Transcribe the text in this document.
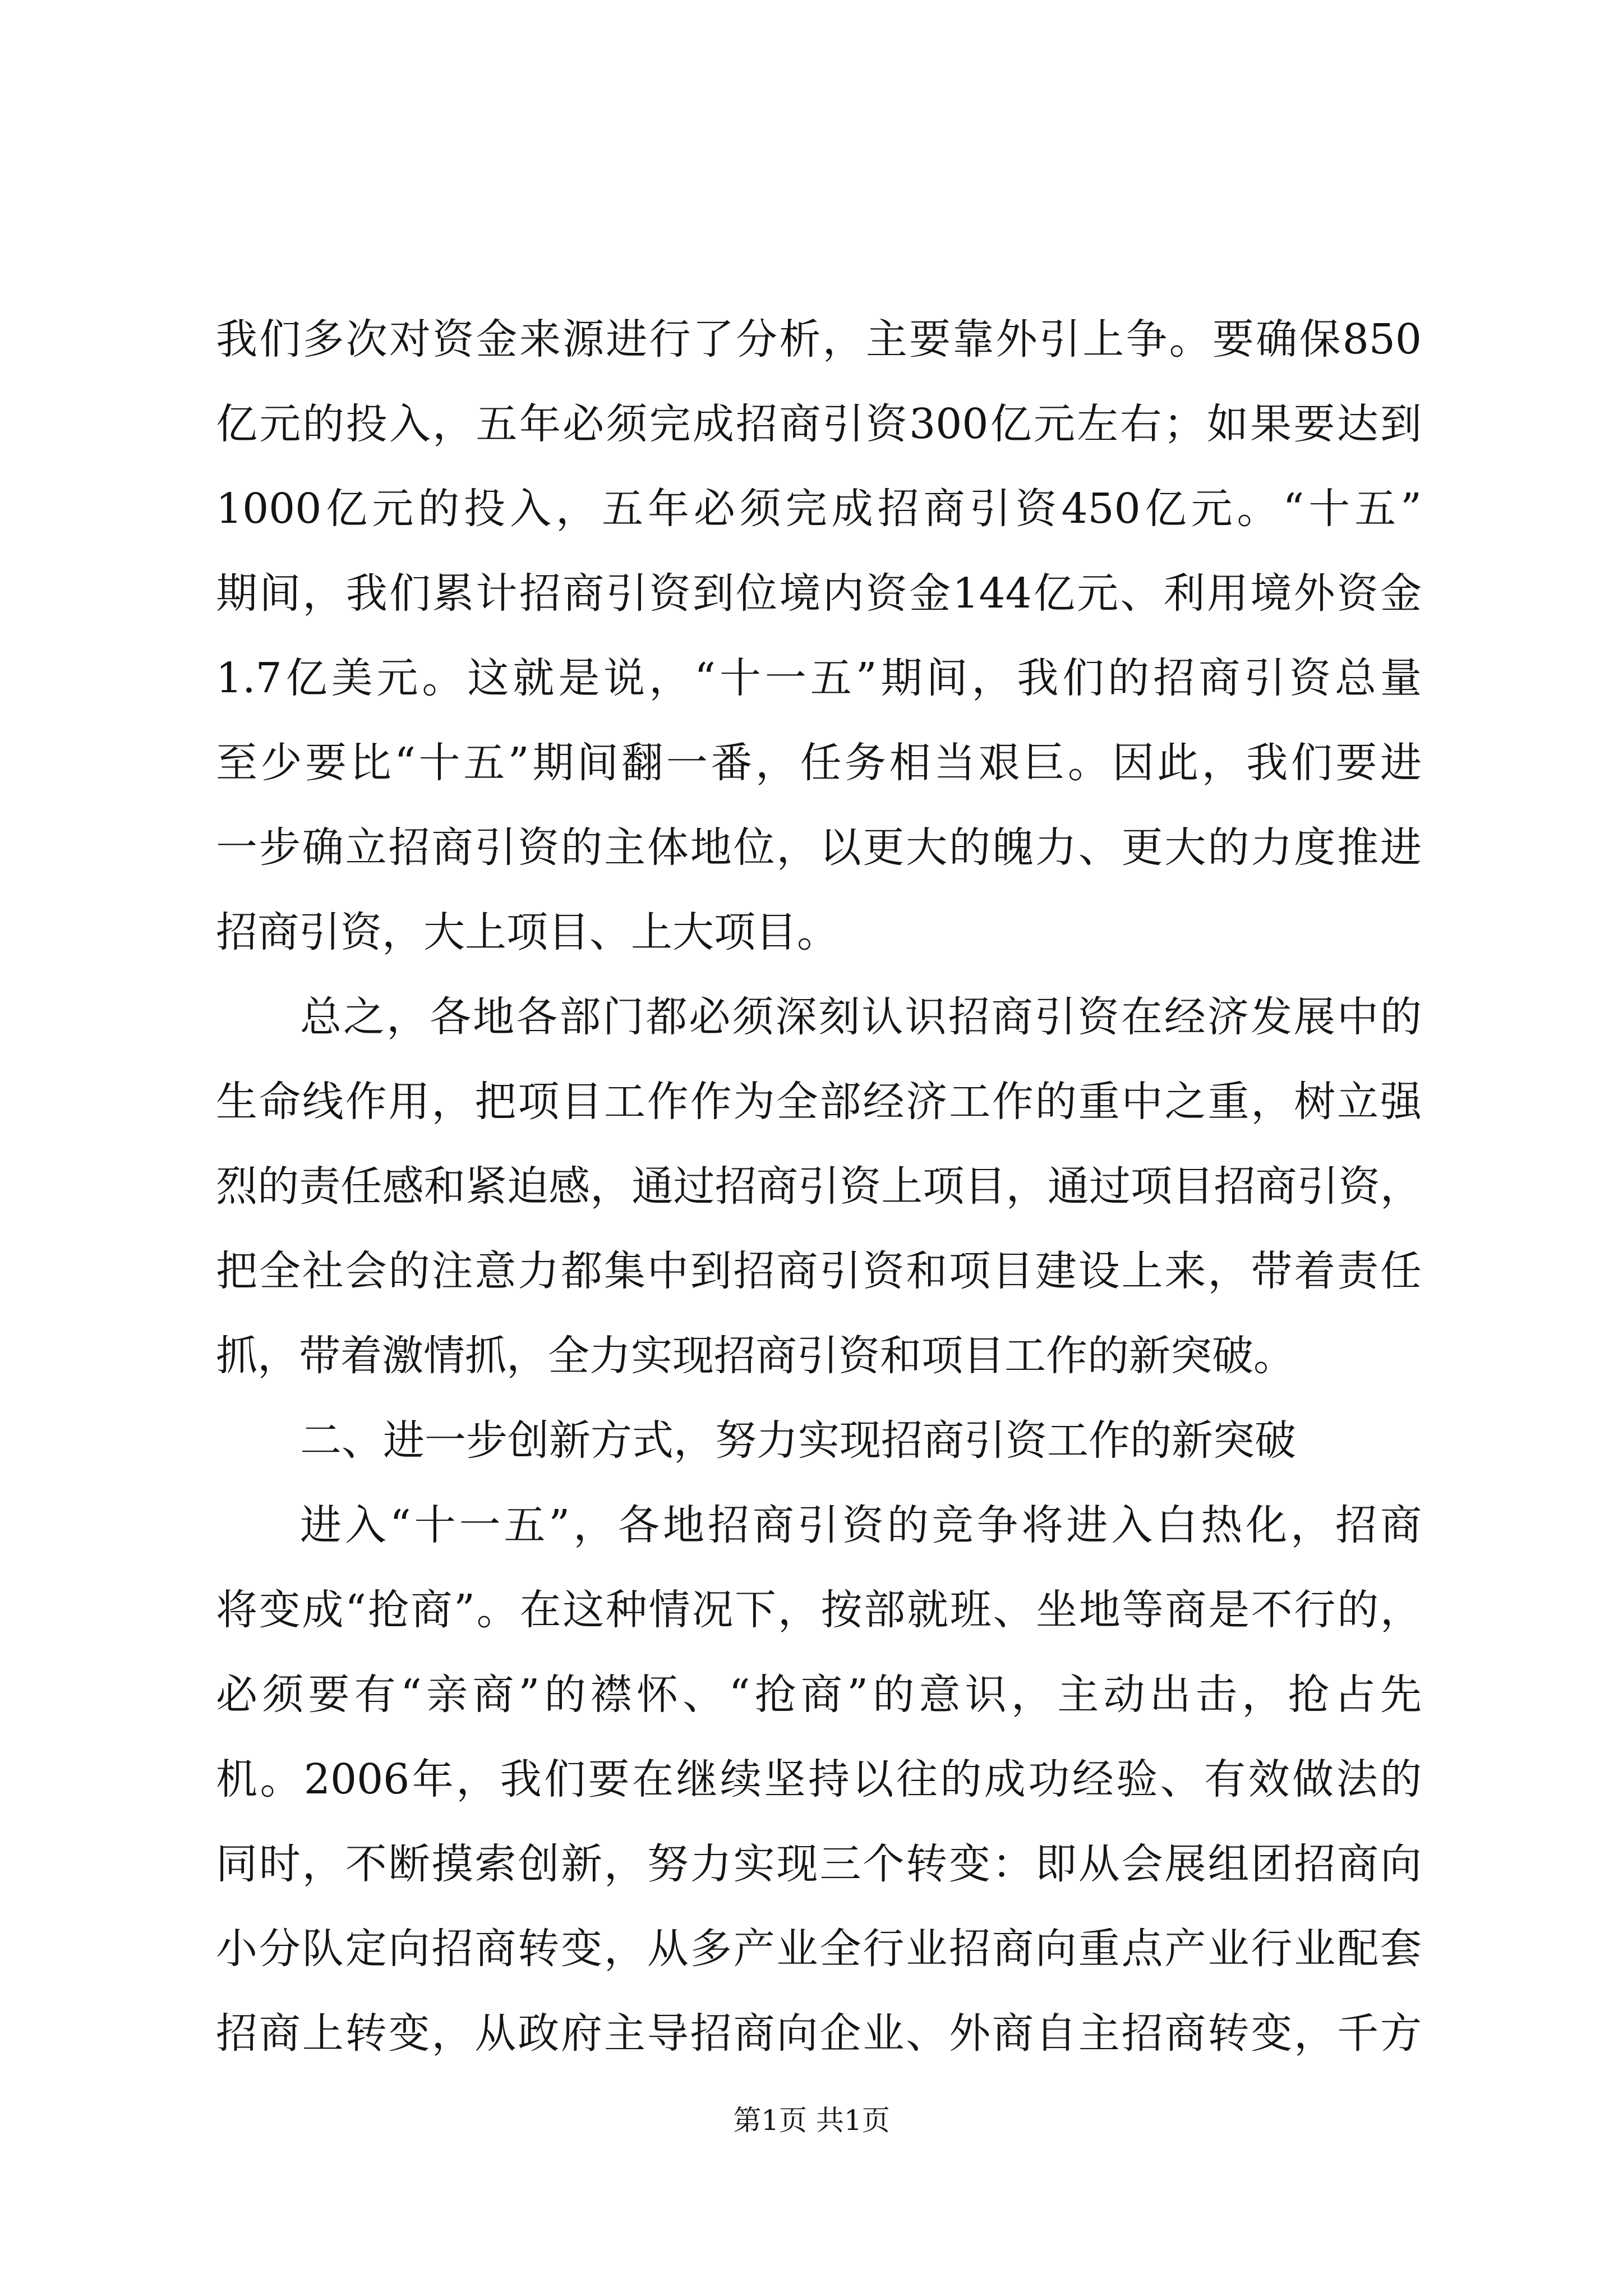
我们多次对资金来源进行了分析，主要靠外引上争。要确保850
亿元的投入，五年必须完成招商引资300亿元左右；如果要达到
1000亿元的投入，五年必须完成招商引资450亿元。“十五”
期间，我们累计招商引资到位境内资金144亿元、利用境外资金
1.7亿美元。这就是说，“十一五”期间，我们的招商引资总量
至少要比“十五”期间翻一番，任务相当艰巨。因此，我们要进
一步确立招商引资的主体地位，以更大的魄力、更大的力度推进
招商引资，大上项目、上大项目。
总之，各地各部门都必须深刻认识招商引资在经济发展中的
生命线作用，把项目工作作为全部经济工作的重中之重，树立强
烈的责任感和紧迫感，通过招商引资上项目，通过项目招商引资，
把全社会的注意力都集中到招商引资和项目建设上来，带着责任
抓，带着激情抓，全力实现招商引资和项目工作的新突破。
二、进一步创新方式，努力实现招商引资工作的新突破
进入“十一五”，各地招商引资的竞争将进入白热化，招商
将变成“抢商”。在这种情况下，按部就班、坐地等商是不行的，
必须要有“亲商”的襟怀、“抢商”的意识，主动出击，抢占先
机。2006年，我们要在继续坚持以往的成功经验、有效做法的
同时，不断摸索创新，努力实现三个转变：即从会展组团招商向
小分队定向招商转变，从多产业全行业招商向重点产业行业配套
招商上转变，从政府主导招商向企业、外商自主招商转变，千方
第1页 共1页
